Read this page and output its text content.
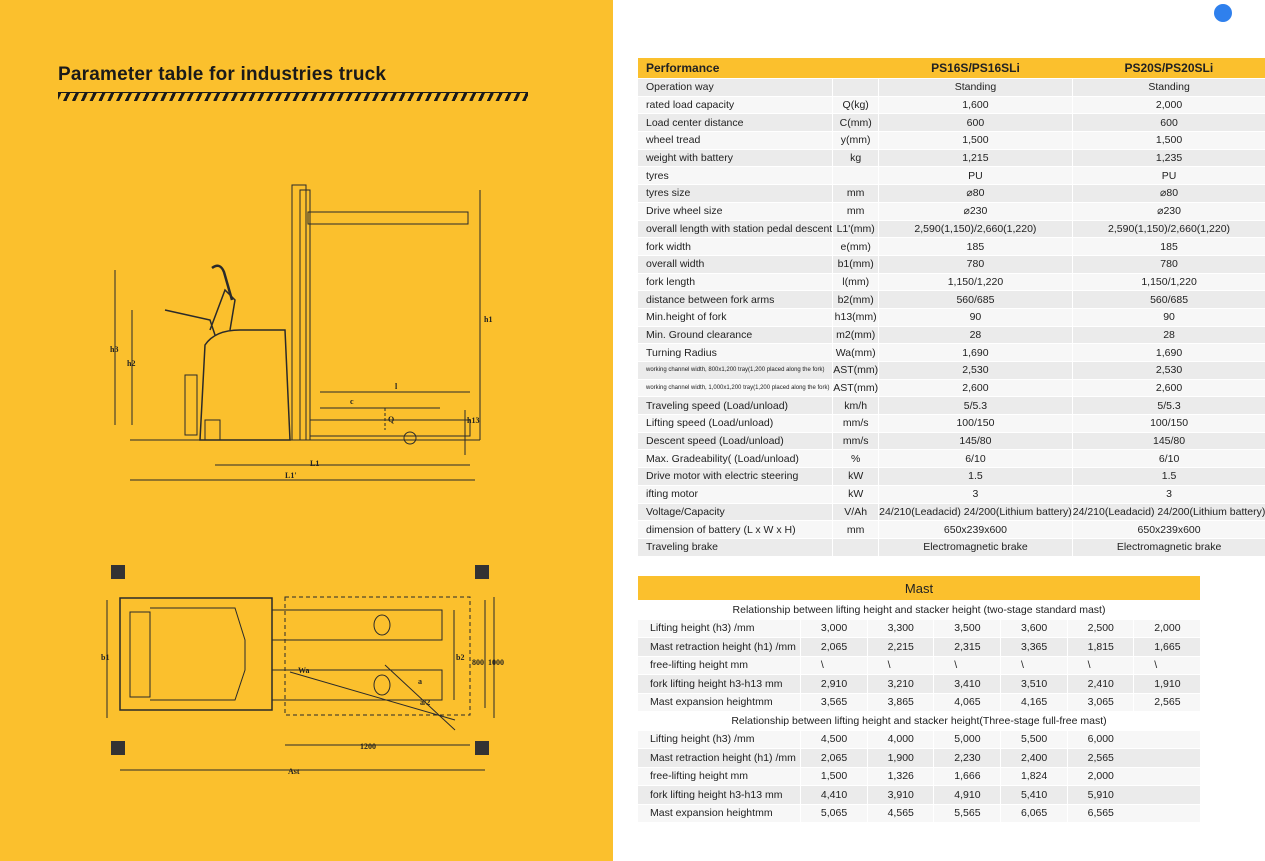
Parameter table for industries truck
h3
h2
h1
h13
l
c
Q
L1
L1'
b1	b2
1000
800
Wa
1200
Ast
a
a/2
Performance		PS16S/PS16SLi	PS20S/PS20SLi
Operation way		Standing	Standing
rated load capacity	Q(kg)	1,600	2,000
Load center distance	C(mm)	600	600
wheel tread	y(mm)	1,500	1,500
weight with battery	kg	1,215	1,235
tyres		PU	PU
tyres size	mm	⌀80	⌀80
Drive wheel size	mm	⌀230	⌀230
overall length with station pedal descent	L1'(mm)	2,590(1,150)/2,660(1,220)	2,590(1,150)/2,660(1,220)
fork width	e(mm)	185	185
overall width	b1(mm)	780	780
fork length	l(mm)	1,150/1,220	1,150/1,220
distance between fork arms	b2(mm)	560/685	560/685
Min.height of fork	h13(mm)	90	90
Min. Ground clearance	m2(mm)	28	28
Turning Radius	Wa(mm)	1,690	1,690
working channel width, 800x1,200 tray(1,200 placed along the fork)	AST(mm)	2,530	2,530
working channel width, 1,000x1,200 tray(1,200 placed along the fork)	AST(mm)	2,600	2,600
Traveling speed (Load/unload)	km/h	5/5.3	5/5.3
Lifting speed (Load/unload)	mm/s	100/150	100/150
Descent speed (Load/unload)	mm/s	145/80	145/80
Max. Gradeability( (Load/unload)	%	6/10	6/10
Drive motor with electric steering	kW	1.5	1.5
ifting motor	kW	3	3
Voltage/Capacity	V/Ah	24/210(Leadacid) 24/200(Lithium battery)	24/210(Leadacid) 24/200(Lithium battery)
dimension of battery (L x W x H)	mm	650x239x600	650x239x600
Traveling brake		Electromagnetic brake	Electromagnetic brake
Mast						
Relationship between lifting height and stacker height (two-stage standard mast)						
Lifting height (h3) /mm	3,000	3,300	3,500	3,600	2,500	2,000
Mast retraction height (h1) /mm	2,065	2,215	2,315	3,365	1,815	1,665
free-lifting height mm	\	\	\	\	\	\
fork lifting height h3-h13 mm	2,910	3,210	3,410	3,510	2,410	1,910
Mast expansion heightmm	3,565	3,865	4,065	4,165	3,065	2,565
Relationship between lifting height and stacker height(Three-stage full-free mast)						
Lifting height (h3) /mm	4,500	4,000	5,000	5,500	6,000	
Mast retraction height (h1) /mm	2,065	1,900	2,230	2,400	2,565	
free-lifting height mm	1,500	1,326	1,666	1,824	2,000	
fork lifting height h3-h13 mm	4,410	3,910	4,910	5,410	5,910	
Mast expansion heightmm	5,065	4,565	5,565	6,065	6,565	
